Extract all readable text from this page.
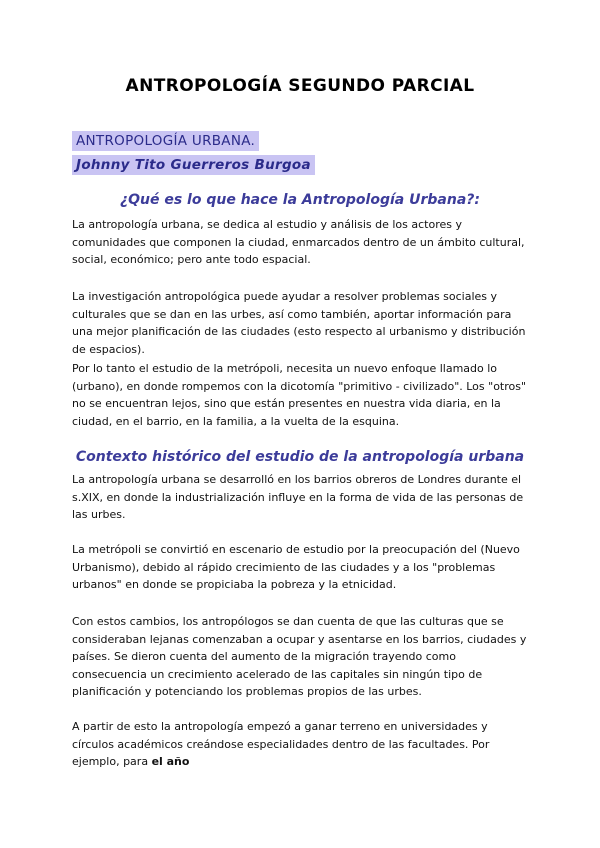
ANTROPOLOGÍA SEGUNDO PARCIAL
ANTROPOLOGÍA URBANA.
Johnny Tito Guerreros Burgoa
¿Qué es lo que hace la Antropología Urbana?:
La antropología urbana, se dedica al estudio y análisis de los actores y comunidades que componen la ciudad, enmarcados dentro de un ámbito cultural, social, económico; pero ante todo espacial.
La investigación antropológica puede ayudar a resolver problemas sociales y culturales que se dan en las urbes, así como también, aportar información para una mejor planificación de las ciudades (esto respecto al urbanismo y distribución de espacios).
Por lo tanto el estudio de la metrópoli, necesita un nuevo enfoque llamado lo (urbano), en donde rompemos con la dicotomía "primitivo - civilizado". Los "otros" no se encuentran lejos, sino que están presentes en nuestra vida diaria, en la ciudad, en el barrio, en la familia, a la vuelta de la esquina.
Contexto histórico del estudio de la antropología urbana
La antropología urbana se desarrolló en los barrios obreros de Londres durante el s.XIX, en donde la industrialización influye en la forma de vida de las personas de las urbes.
La metrópoli se convirtió en escenario de estudio por la preocupación del (Nuevo Urbanismo), debido al rápido crecimiento de las ciudades y a los "problemas urbanos" en donde se propiciaba la pobreza y la etnicidad.
Con estos cambios, los antropólogos se dan cuenta de que las culturas que se consideraban lejanas comenzaban a ocupar y asentarse en los barrios, ciudades y países. Se dieron cuenta del aumento de la migración trayendo como consecuencia un crecimiento acelerado de las capitales sin ningún tipo de planificación y potenciando los problemas propios de las urbes.
A partir de esto la antropología empezó a ganar terreno en universidades y círculos académicos creándose especialidades dentro de las facultades. Por ejemplo, para el año
